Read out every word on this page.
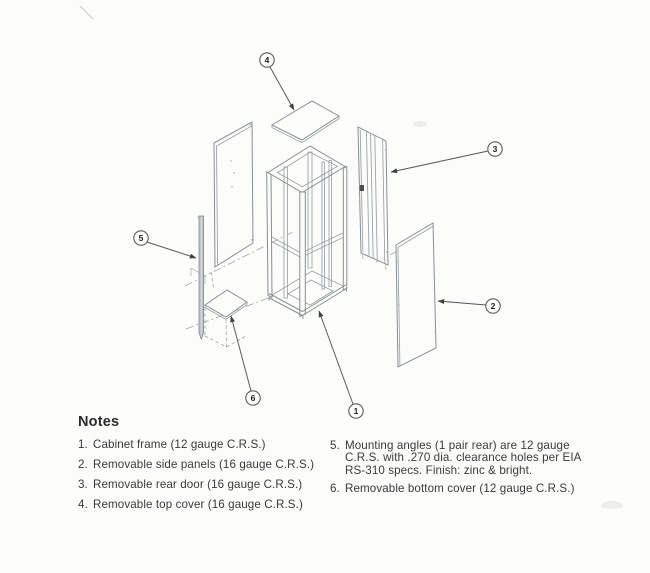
1
2
3
4
5
6
Notes
1. Cabinet frame (12 gauge C.R.S.)
2. Removable side panels (16 gauge C.R.S.)
3. Removable rear door (16 gauge C.R.S.)
4. Removable top cover (16 gauge C.R.S.)
5. Mounting angles (1 pair rear) are 12 gauge
C.R.S. with .270 dia. clearance holes per EIA
RS-310 specs. Finish: zinc & bright.
6. Removable bottom cover (12 gauge C.R.S.)
